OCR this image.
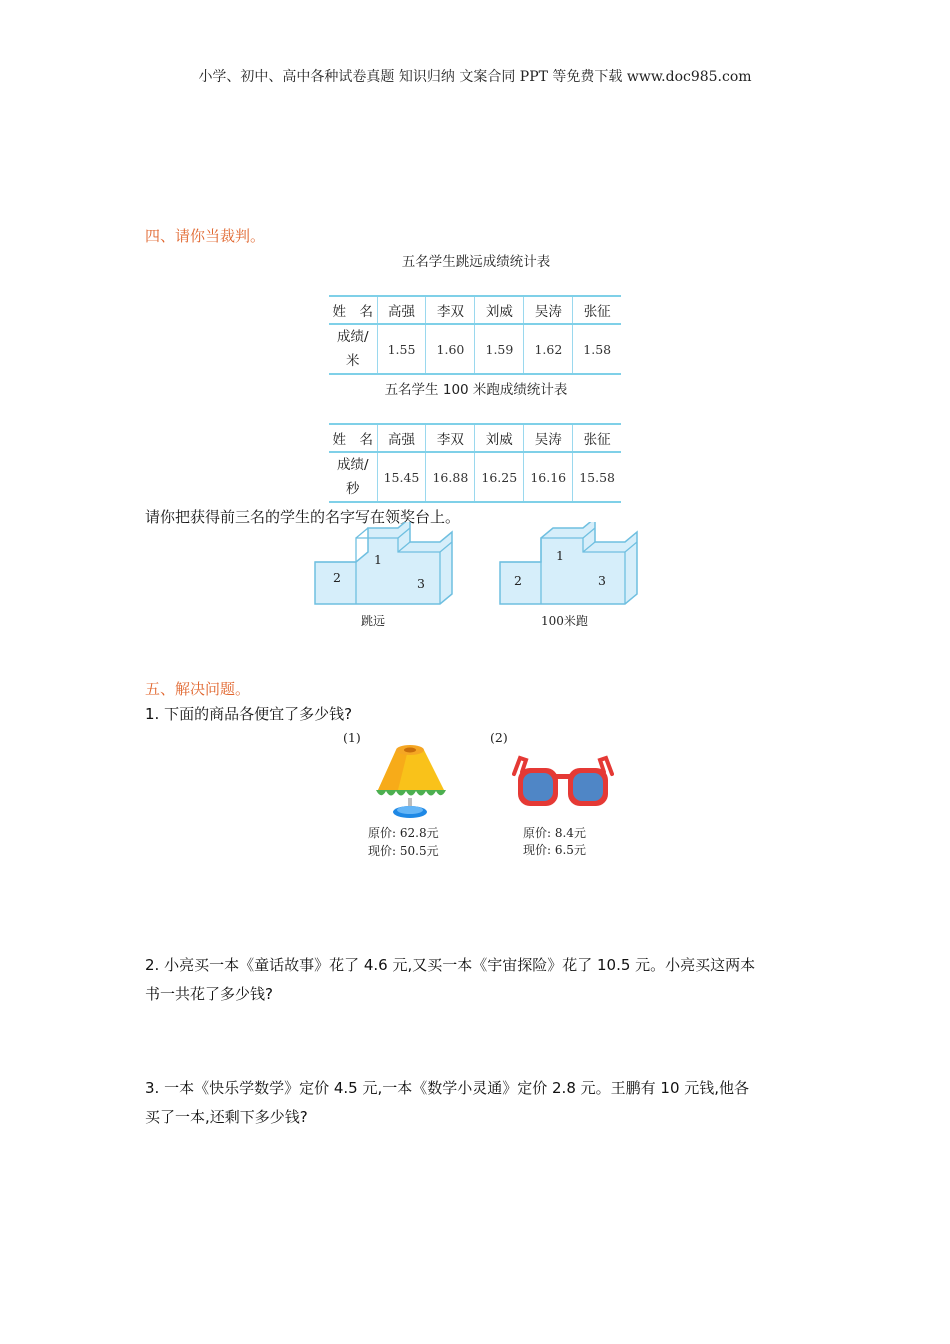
小学、初中、高中各种试卷真题 知识归纳 文案合同 PPT 等免费下载 www.doc985.com
四、请你当裁判。
五名学生跳远成绩统计表
姓　名	高强	李双	刘威	吴涛	张征
成绩/
米	1.55	1.60	1.59	1.62	1.58
五名学生 100 米跑成绩统计表
姓　名	高强	李双	刘威	吴涛	张征
成绩/
秒	15.45	16.88	16.25	16.16	15.58
请你把获得前三名的学生的名字写在领奖台上。
1
2	3
跳远
1
2	3
100米跑
五、解决问题。
1. 下面的商品各便宜了多少钱?
(1)
原价: 62.8元
现价: 50.5元
(2)
原价: 8.4元
现价: 6.5元
2. 小亮买一本《童话故事》花了 4.6 元,又买一本《宇宙探险》花了 10.5 元。小亮买这两本
书一共花了多少钱?
3. 一本《快乐学数学》定价 4.5 元,一本《数学小灵通》定价 2.8 元。王鹏有 10 元钱,他各
买了一本,还剩下多少钱?
